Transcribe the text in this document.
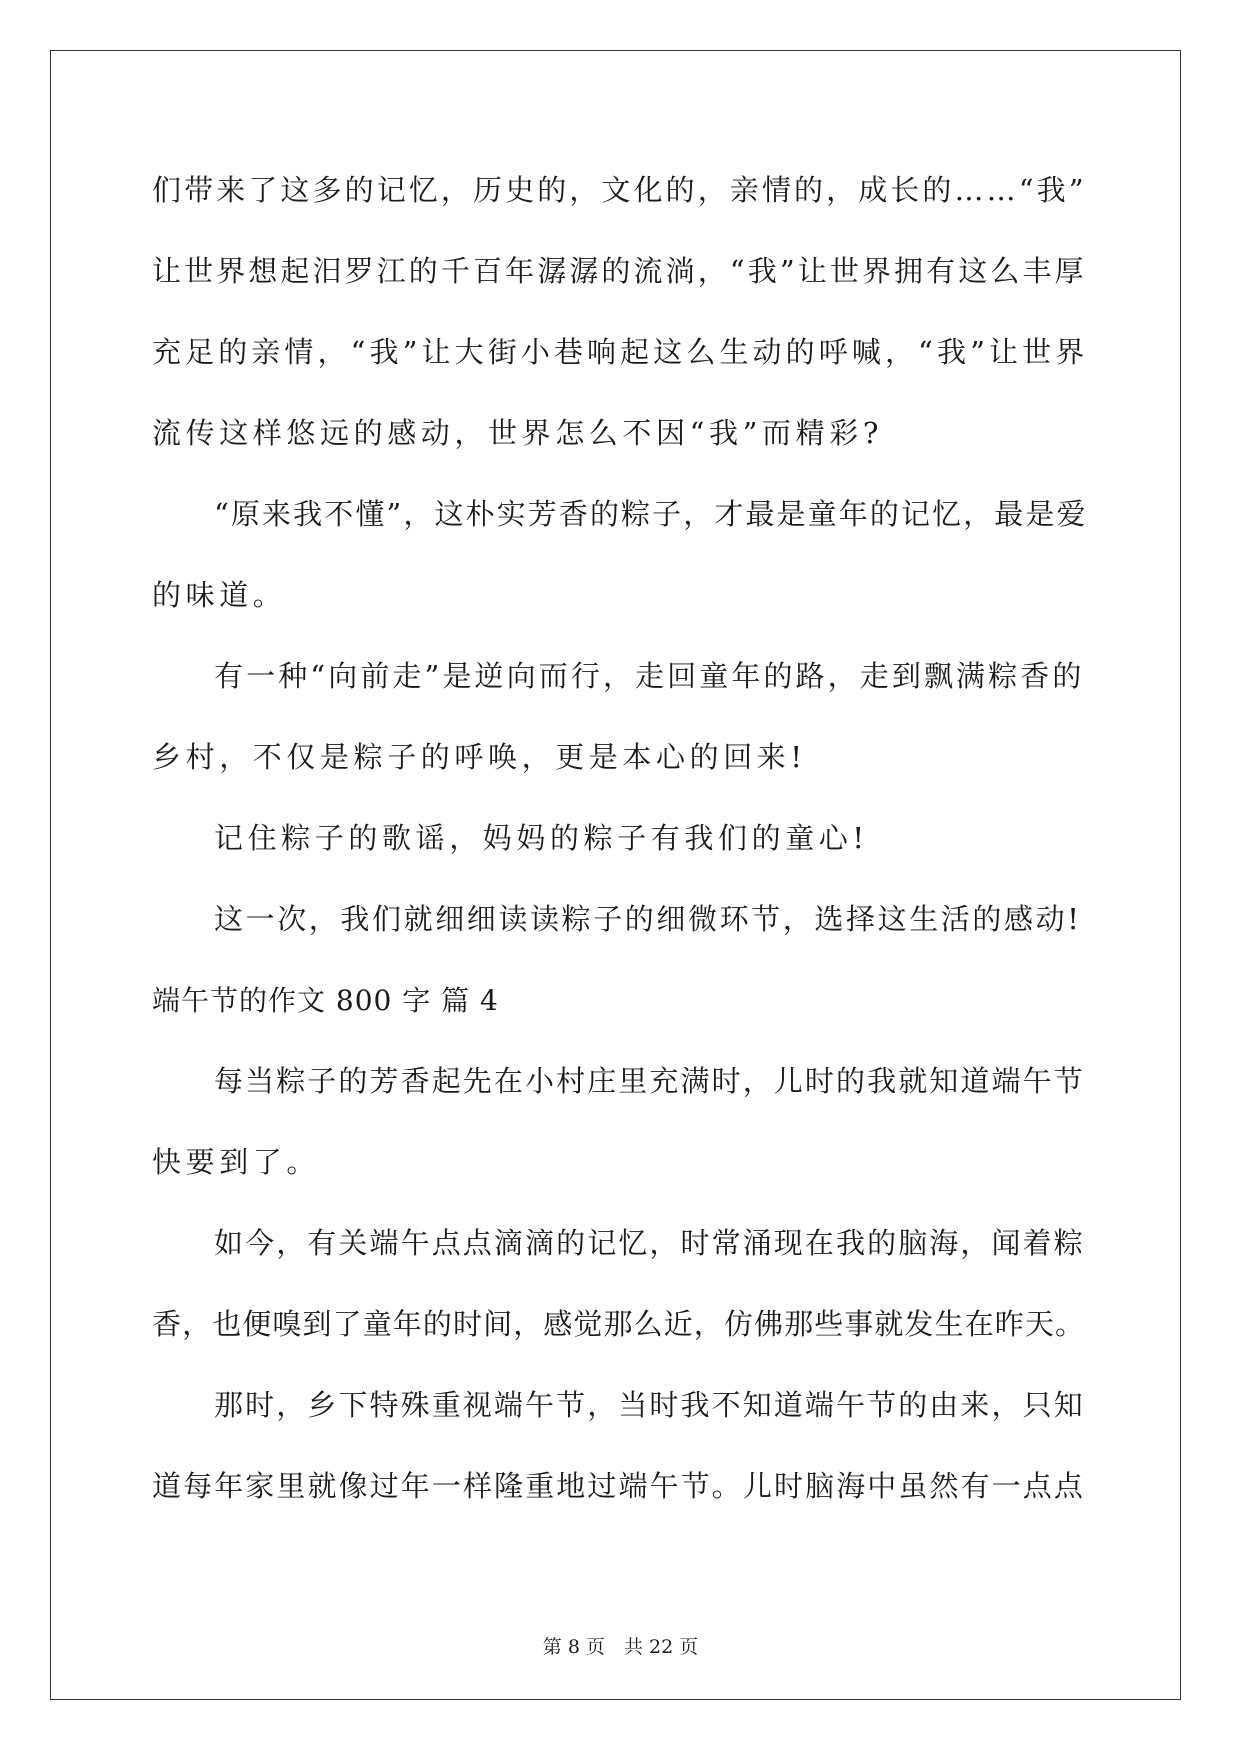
们带来了这多的记忆，历史的，文化的，亲情的，成长的……“我”
让世界想起汨罗江的千百年潺潺的流淌，“我”让世界拥有这么丰厚
充足的亲情，“我”让大街小巷响起这么生动的呼喊，“我”让世界
流传这样悠远的感动，世界怎么不因“我”而精彩?
“原来我不懂”，这朴实芳香的粽子，才最是童年的记忆，最是爱
的味道。
有一种“向前走”是逆向而行，走回童年的路，走到飘满粽香的
乡村，不仅是粽子的呼唤，更是本心的回来!
记住粽子的歌谣，妈妈的粽子有我们的童心!
这一次，我们就细细读读粽子的细微环节，选择这生活的感动!
端午节的作文 800 字 篇 4
每当粽子的芳香起先在小村庄里充满时，儿时的我就知道端午节
快要到了。
如今，有关端午点点滴滴的记忆，时常涌现在我的脑海，闻着粽
香，也便嗅到了童年的时间，感觉那么近，仿佛那些事就发生在昨天。
那时，乡下特殊重视端午节，当时我不知道端午节的由来，只知
道每年家里就像过年一样隆重地过端午节。儿时脑海中虽然有一点点
第 8 页　共 22 页
